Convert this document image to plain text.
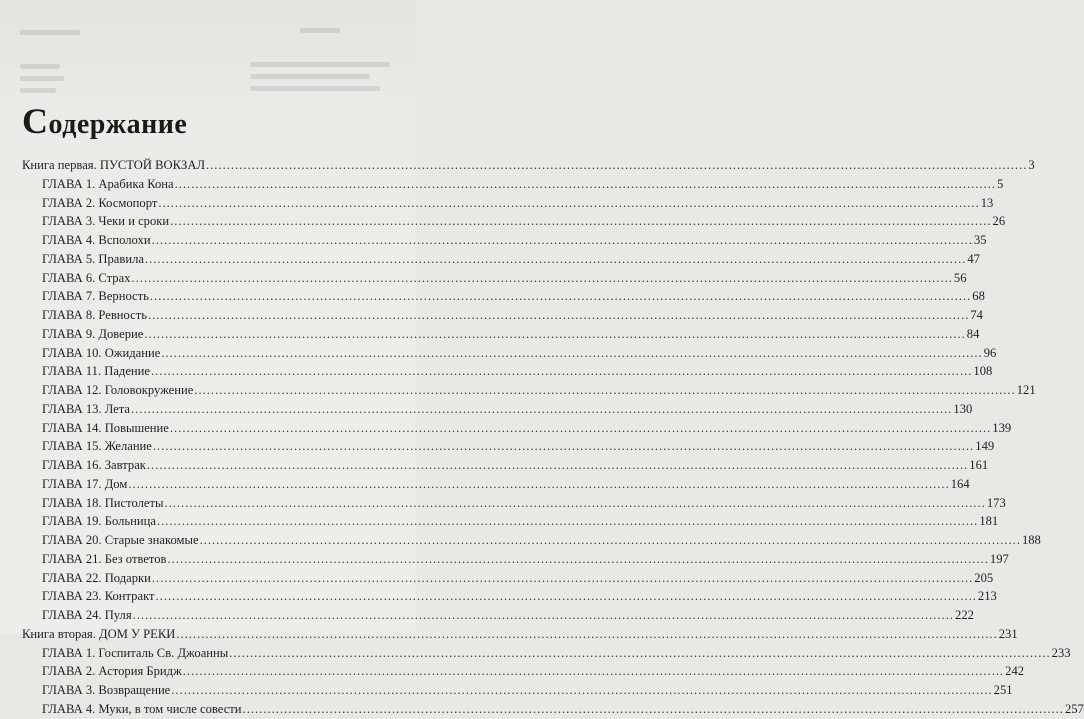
Содержание
Книга первая. ПУСТОЙ ВОКЗАЛ .....	3
ГЛАВА 1. Арабика Кона .....	5
ГЛАВА 2. Космопорт .....	13
ГЛАВА 3. Чеки и сроки .....	26
ГЛАВА 4. Всполохи .....	35
ГЛАВА 5. Правила .....	47
ГЛАВА 6. Страх .....	56
ГЛАВА 7. Верность .....	68
ГЛАВА 8. Ревность .....	74
ГЛАВА 9. Доверие .....	84
ГЛАВА 10. Ожидание .....	96
ГЛАВА 11. Падение .....	108
ГЛАВА 12. Головокружение .....	121
ГЛАВА 13. Лета .....	130
ГЛАВА 14. Повышение .....	139
ГЛАВА 15. Желание .....	149
ГЛАВА 16. Завтрак .....	161
ГЛАВА 17. Дом .....	164
ГЛАВА 18. Пистолеты .....	173
ГЛАВА 19. Больница .....	181
ГЛАВА 20. Старые знакомые .....	188
ГЛАВА 21. Без ответов .....	197
ГЛАВА 22. Подарки .....	205
ГЛАВА 23. Контракт .....	213
ГЛАВА 24. Пуля .....	222
Книга вторая. ДОМ У РЕКИ .....	231
ГЛАВА 1. Госпиталь Св. Джоанны .....	233
ГЛАВА 2. Астория Бридж .....	242
ГЛАВА 3. Возвращение .....	251
ГЛАВА 4. Муки, в том числе совести .....	257
